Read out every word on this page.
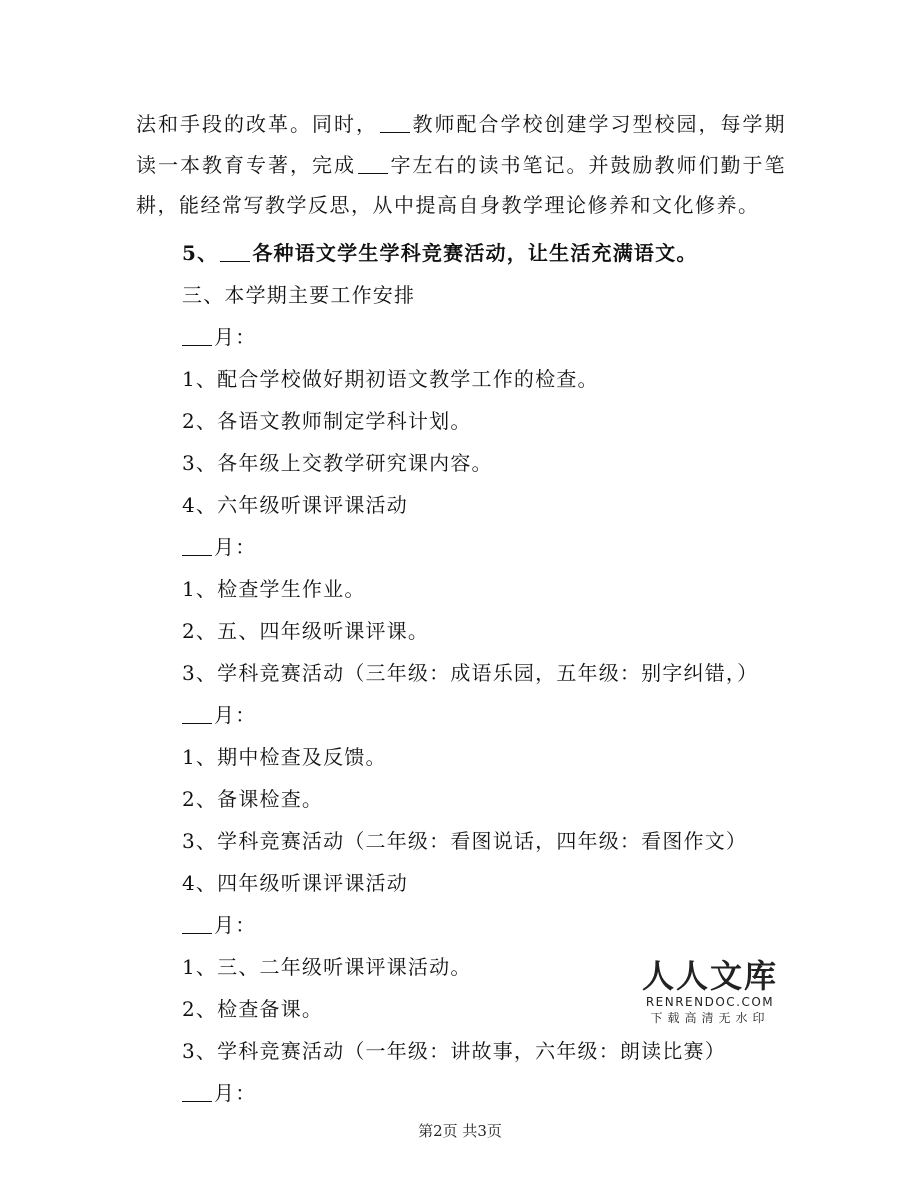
法和手段的改革。同时， 教师配合学校创建学习型校园，每学期读一本教育专著，完成 字左右的读书笔记。并鼓励教师们勤于笔耕，能经常写教学反思，从中提高自身教学理论修养和文化修养。

5、 各种语文学生学科竞赛活动，让生活充满语文。
三、本学期主要工作安排
月：
1、配合学校做好期初语文教学工作的检查。
2、各语文教师制定学科计划。
3、各年级上交教学研究课内容。
4、六年级听课评课活动
月：
1、检查学生作业。
2、五、四年级听课评课。
3、学科竞赛活动（三年级：成语乐园，五年级：别字纠错，）
月：
1、期中检查及反馈。
2、备课检查。
3、学科竞赛活动（二年级：看图说话，四年级：看图作文）
4、四年级听课评课活动
月：
1、三、二年级听课评课活动。
2、检查备课。
3、学科竞赛活动（一年级：讲故事，六年级：朗读比赛）
月：
人人文库
RENRENDOC.COM
下载高清无水印
第2页 共3页
